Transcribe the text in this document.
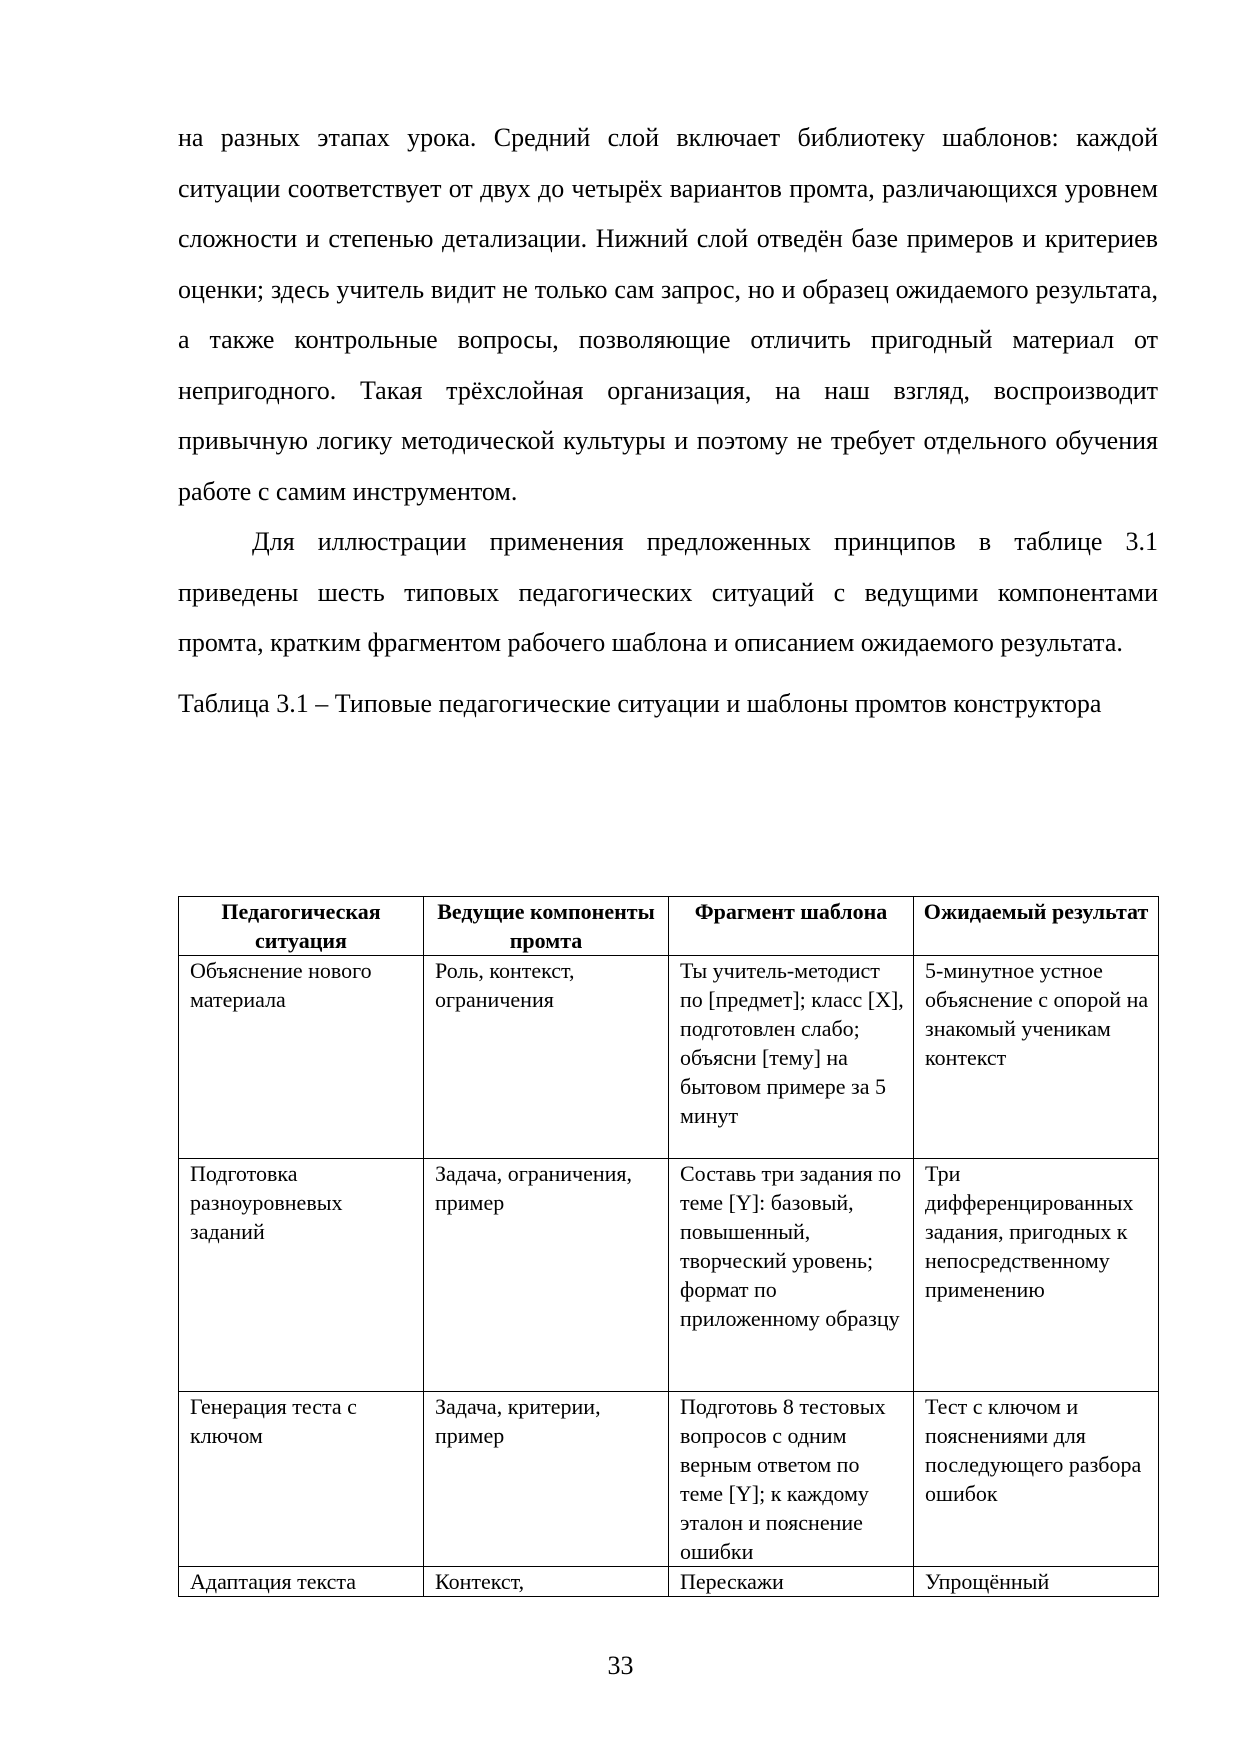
на разных этапах урока. Средний слой включает библиотеку шаблонов: каждой ситуации соответствует от двух до четырёх вариантов промта, различающихся уровнем сложности и степенью детализации. Нижний слой отведён базе примеров и критериев оценки; здесь учитель видит не только сам запрос, но и образец ожидаемого результата, а также контрольные вопросы, позволяющие отличить пригодный материал от непригодного. Такая трёхслойная организация, на наш взгляд, воспроизводит привычную логику методической культуры и поэтому не требует отдельного обучения работе с самим инструментом.

Для иллюстрации применения предложенных принципов в таблице 3.1 приведены шесть типовых педагогических ситуаций с ведущими компонентами промта, кратким фрагментом рабочего шаблона и описанием ожидаемого результата.

Таблица 3.1 – Типовые педагогические ситуации и шаблоны промтов конструктора

Педагогическая ситуация	Ведущие компоненты промта	Фрагмент шаблона	Ожидаемый результат
Объяснение нового материала	Роль, контекст, ограничения	Ты учитель-методист по [предмет]; класс [X], подготовлен слабо; объясни [тему] на бытовом примере за 5 минут	5-минутное устное объяснение с опорой на знакомый ученикам контекст
Подготовка разноуровневых заданий	Задача, ограничения, пример	Составь три задания по теме [Y]: базовый, повышенный, творческий уровень; формат по приложенному образцу	Три дифференцированных задания, пригодных к непосредственному применению
Генерация теста с ключом	Задача, критерии, пример	Подготовь 8 тестовых вопросов с одним верным ответом по теме [Y]; к каждому эталон и пояснение ошибки	Тест с ключом и пояснениями для последующего разбора ошибок
Адаптация текста	Контекст,	Перескажи	Упрощённый
33
